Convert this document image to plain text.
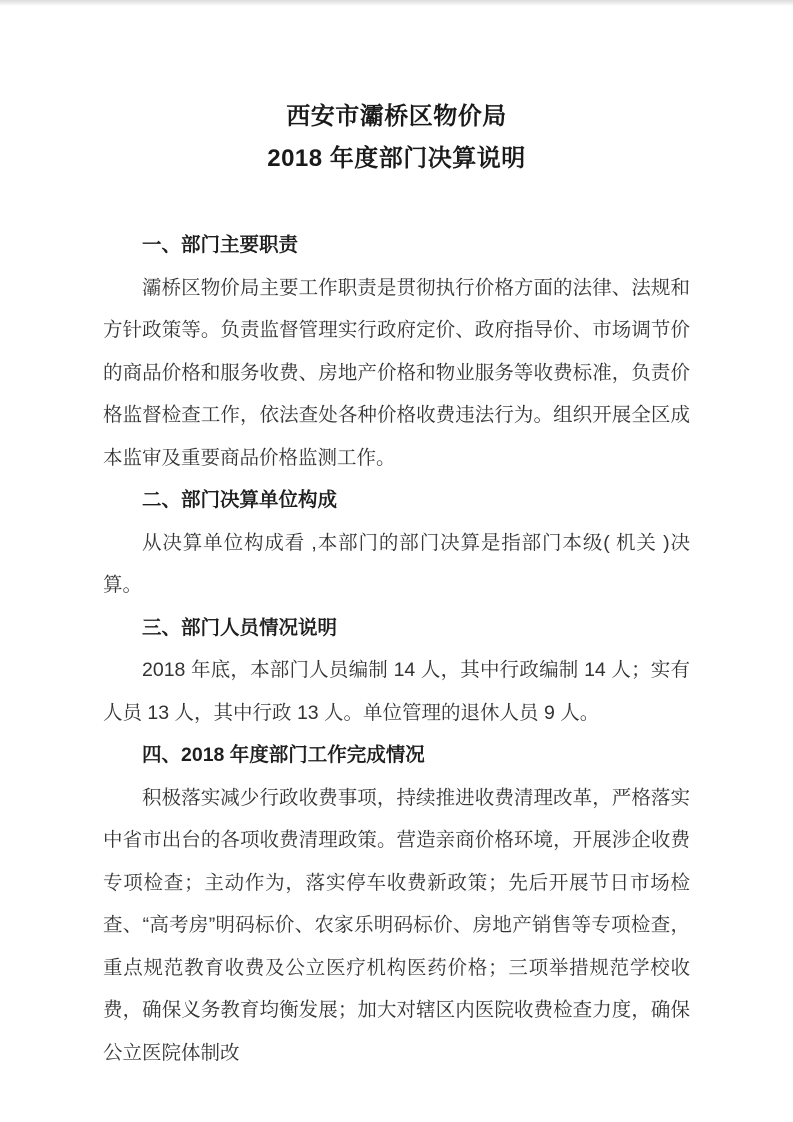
西安市灞桥区物价局
2018 年度部门决算说明
一、部门主要职责

灞桥区物价局主要工作职责是贯彻执行价格方面的法律、法规和方针政策等。负责监督管理实行政府定价、政府指导价、市场调节价的商品价格和服务收费、房地产价格和物业服务等收费标准，负责价格监督检查工作，依法查处各种价格收费违法行为。组织开展全区成本监审及重要商品价格监测工作。

二、部门决算单位构成

从决算单位构成看 ,本部门的部门决算是指部门本级( 机关 )决算。

三、部门人员情况说明

2018 年底，本部门人员编制 14 人，其中行政编制 14 人；实有人员 13 人，其中行政 13 人。单位管理的退休人员 9 人。

四、2018 年度部门工作完成情况

积极落实减少行政收费事项，持续推进收费清理改革，严格落实中省市出台的各项收费清理政策。营造亲商价格环境，开展涉企收费专项检查；主动作为，落实停车收费新政策；先后开展节日市场检查、“高考房”明码标价、农家乐明码标价、房地产销售等专项检查，重点规范教育收费及公立医疗机构医药价格；三项举措规范学校收费，确保义务教育均衡发展；加大对辖区内医院收费检查力度，确保公立医院体制改
